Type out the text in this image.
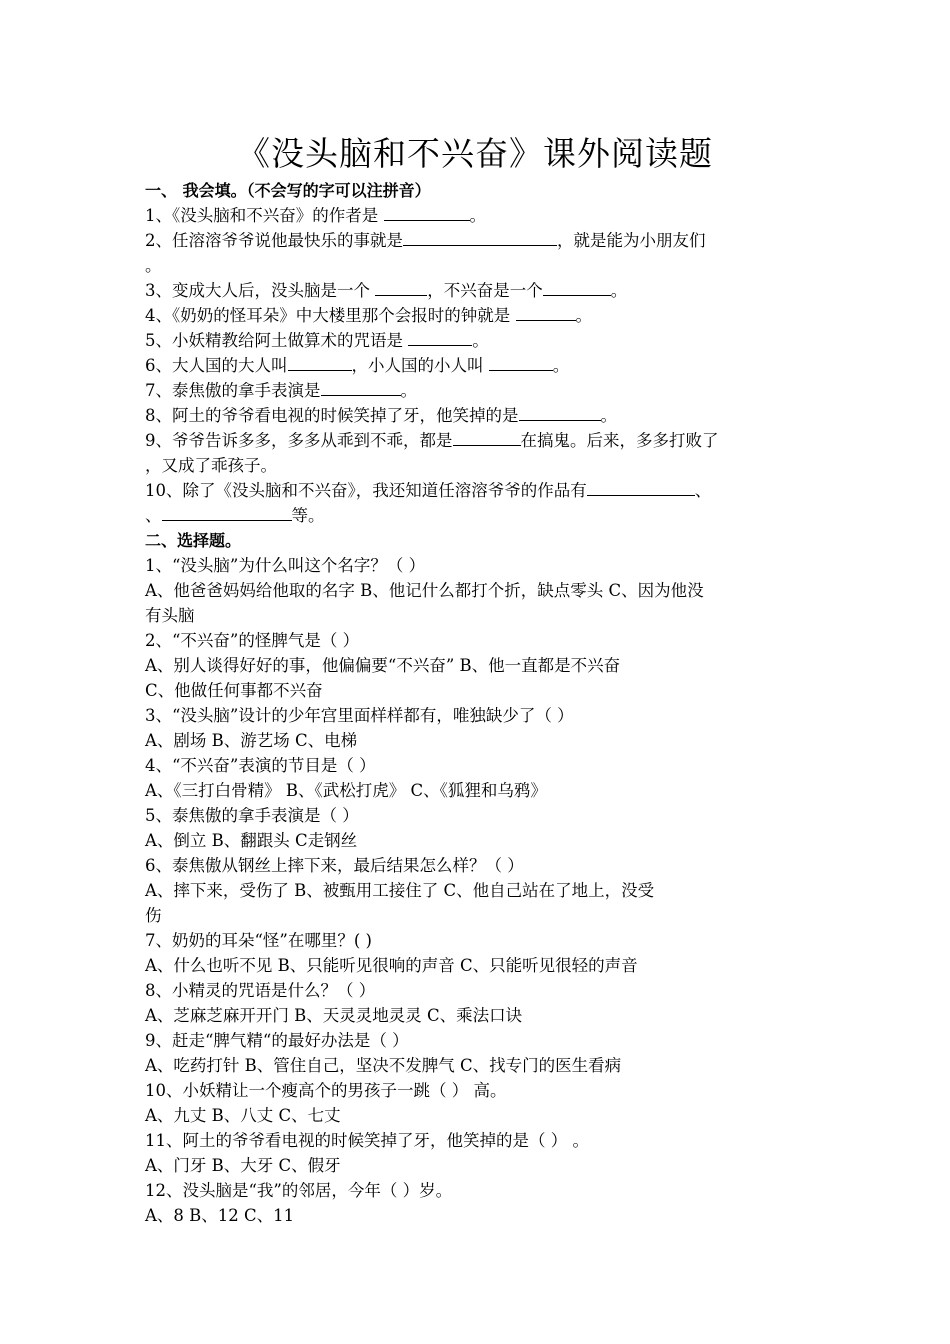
《没头脑和不兴奋》课外阅读题
一、 我会填。（不会写的字可以注拼音）
1、《没头脑和不兴奋》的作者是	。
2、任溶溶爷爷说他最快乐的事就是	，就是能为小朋友们
。
3、变成大人后，没头脑是一个	，不兴奋是一个	。
4、《奶奶的怪耳朵》中大楼里那个会报时的钟就是	。
5、小妖精教给阿土做算术的咒语是	。
6、大人国的大人叫	，小人国的小人叫	。
7、泰焦傲的拿手表演是	。
8、阿土的爷爷看电视的时候笑掉了牙，他笑掉的是	。
9、爷爷告诉多多，多多从乖到不乖，都是	在搞鬼。后来，多多打败了
，又成了乖孩子。
10、除了《没头脑和不兴奋》，我还知道任溶溶爷爷的作品有	、
、	等。
二、选择题。
1、“没头脑”为什么叫这个名字？（ ）
A、他爸爸妈妈给他取的名字 B、他记什么都打个折，缺点零头 C、因为他没
有头脑
2、“不兴奋”的怪脾气是（ ）
A、别人谈得好好的事，他偏偏要“不兴奋” B、他一直都是不兴奋
C、他做任何事都不兴奋
3、“没头脑”设计的少年宫里面样样都有，唯独缺少了（ ）
A、剧场 B、游艺场 C、电梯
4、“不兴奋”表演的节目是（ ）
A、《三打白骨精》 B、《武松打虎》 C、《狐狸和乌鸦》
5、泰焦傲的拿手表演是（ ）
A、倒立 B、翻跟头 C走钢丝
6、泰焦傲从钢丝上摔下来，最后结果怎么样？（ ）
A、摔下来，受伤了 B、被甄用工接住了 C、他自己站在了地上，没受
伤
7、奶奶的耳朵“怪”在哪里？( )
A、什么也听不见 B、只能听见很响的声音 C、只能听见很轻的声音
8、小精灵的咒语是什么？（ ）
A、芝麻芝麻开开门 B、天灵灵地灵灵 C、乘法口诀
9、赶走“脾气精“的最好办法是（ ）
A、吃药打针 B、管住自己，坚决不发脾气 C、找专门的医生看病
10、小妖精让一个瘦高个的男孩子一跳（ ） 高。
A、九丈 B、八丈 C、七丈
11、阿土的爷爷看电视的时候笑掉了牙，他笑掉的是（ ） 。
A、门牙 B、大牙 C、假牙
12、没头脑是“我”的邻居，今年（ ）岁。
A、8 B、12 C、11
